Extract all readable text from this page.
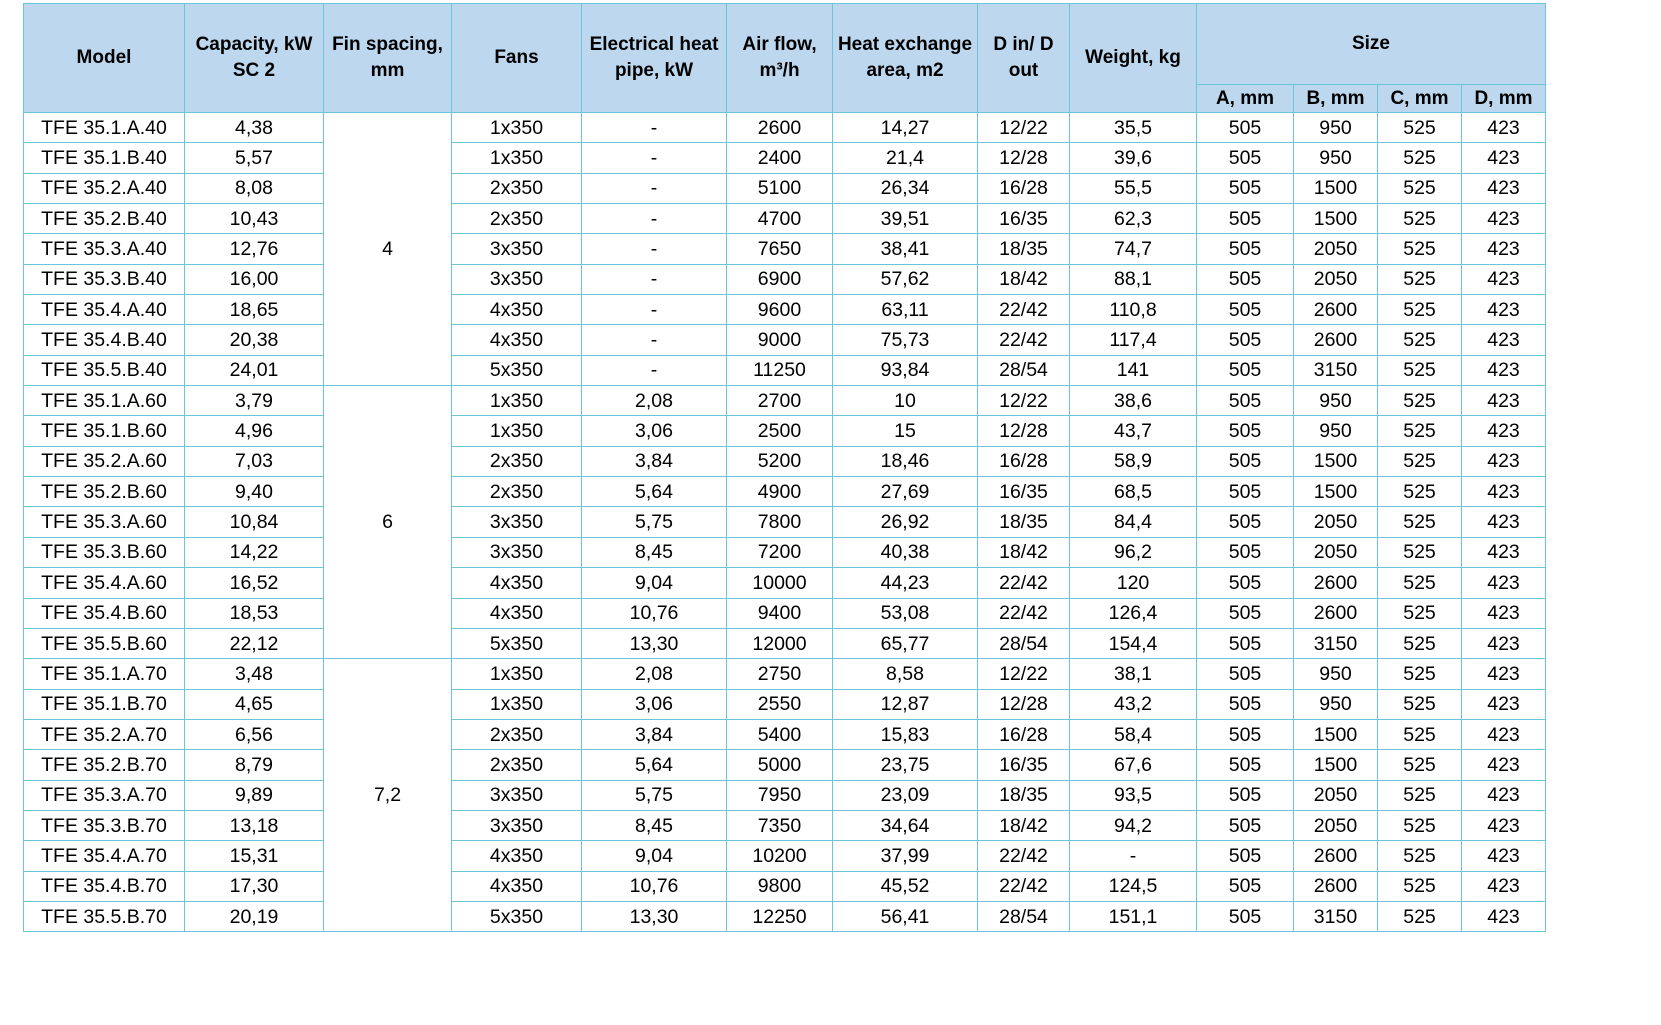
Model	Capacity, kW SC 2	Fin spacing, mm	Fans	Electrical heat pipe, kW	Air flow, m³/h	Heat exchange area, m2	D in/ D out	Weight, kg	Size			
									A, mm	B, mm	C, mm	D, mm
TFE 35.1.A.40	4,38	4	1x350	-	2600	14,27	12/22	35,5	505	950	525	423
TFE 35.1.B.40	5,57		1x350	-	2400	21,4	12/28	39,6	505	950	525	423
TFE 35.2.A.40	8,08		2x350	-	5100	26,34	16/28	55,5	505	1500	525	423
TFE 35.2.B.40	10,43		2x350	-	4700	39,51	16/35	62,3	505	1500	525	423
TFE 35.3.A.40	12,76		3x350	-	7650	38,41	18/35	74,7	505	2050	525	423
TFE 35.3.B.40	16,00		3x350	-	6900	57,62	18/42	88,1	505	2050	525	423
TFE 35.4.A.40	18,65		4x350	-	9600	63,11	22/42	110,8	505	2600	525	423
TFE 35.4.B.40	20,38		4x350	-	9000	75,73	22/42	117,4	505	2600	525	423
TFE 35.5.B.40	24,01		5x350	-	11250	93,84	28/54	141	505	3150	525	423
TFE 35.1.A.60	3,79	6	1x350	2,08	2700	10	12/22	38,6	505	950	525	423
TFE 35.1.B.60	4,96		1x350	3,06	2500	15	12/28	43,7	505	950	525	423
TFE 35.2.A.60	7,03		2x350	3,84	5200	18,46	16/28	58,9	505	1500	525	423
TFE 35.2.B.60	9,40		2x350	5,64	4900	27,69	16/35	68,5	505	1500	525	423
TFE 35.3.A.60	10,84		3x350	5,75	7800	26,92	18/35	84,4	505	2050	525	423
TFE 35.3.B.60	14,22		3x350	8,45	7200	40,38	18/42	96,2	505	2050	525	423
TFE 35.4.A.60	16,52		4x350	9,04	10000	44,23	22/42	120	505	2600	525	423
TFE 35.4.B.60	18,53		4x350	10,76	9400	53,08	22/42	126,4	505	2600	525	423
TFE 35.5.B.60	22,12		5x350	13,30	12000	65,77	28/54	154,4	505	3150	525	423
TFE 35.1.A.70	3,48	7,2	1x350	2,08	2750	8,58	12/22	38,1	505	950	525	423
TFE 35.1.B.70	4,65		1x350	3,06	2550	12,87	12/28	43,2	505	950	525	423
TFE 35.2.A.70	6,56		2x350	3,84	5400	15,83	16/28	58,4	505	1500	525	423
TFE 35.2.B.70	8,79		2x350	5,64	5000	23,75	16/35	67,6	505	1500	525	423
TFE 35.3.A.70	9,89		3x350	5,75	7950	23,09	18/35	93,5	505	2050	525	423
TFE 35.3.B.70	13,18		3x350	8,45	7350	34,64	18/42	94,2	505	2050	525	423
TFE 35.4.A.70	15,31		4x350	9,04	10200	37,99	22/42	-	505	2600	525	423
TFE 35.4.B.70	17,30		4x350	10,76	9800	45,52	22/42	124,5	505	2600	525	423
TFE 35.5.B.70	20,19		5x350	13,30	12250	56,41	28/54	151,1	505	3150	525	423
